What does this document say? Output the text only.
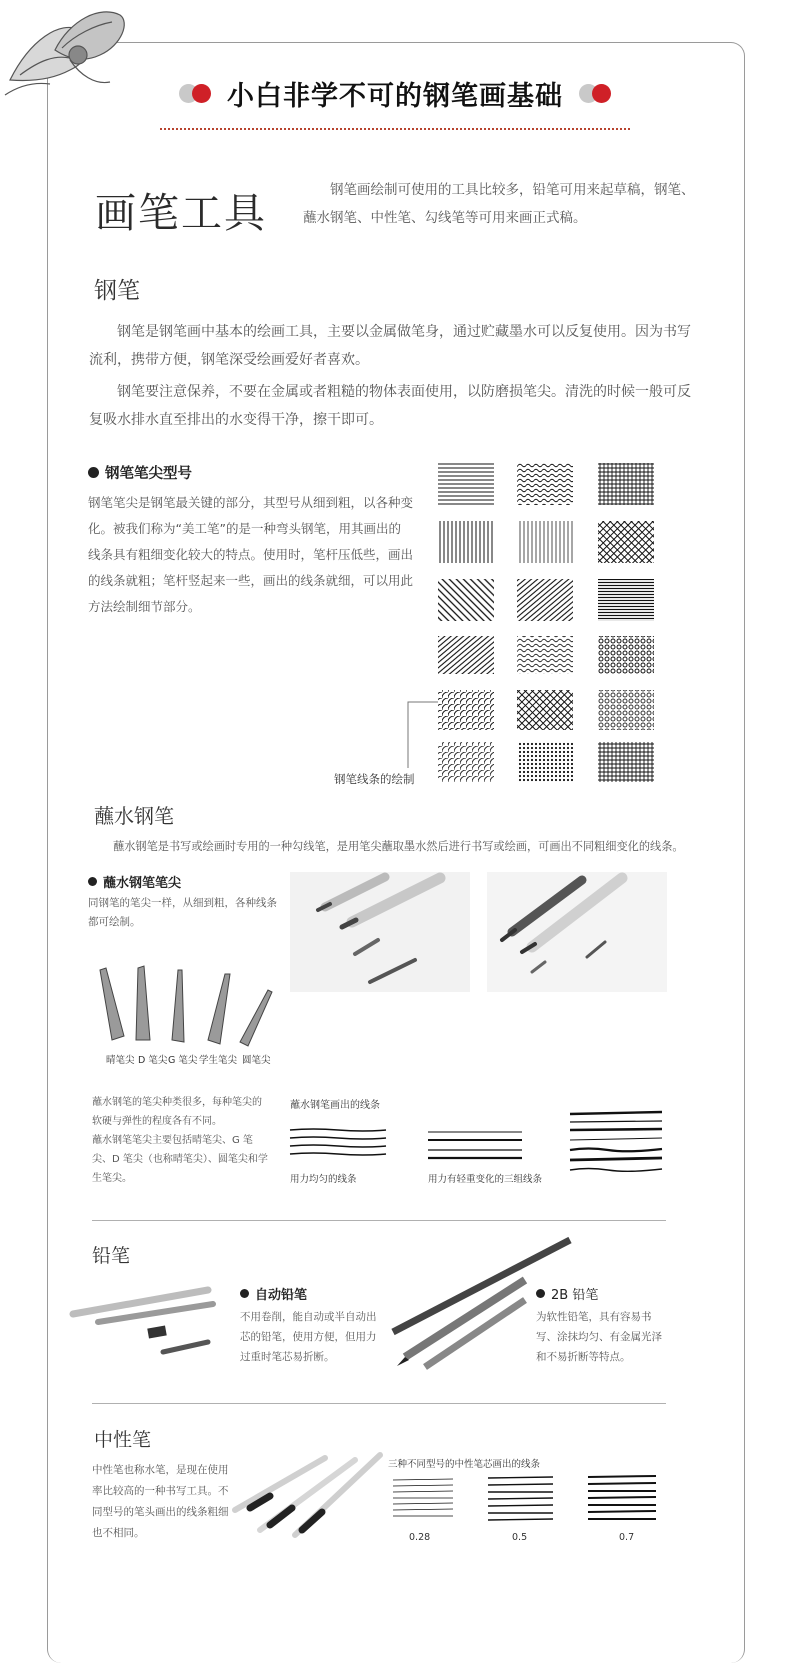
小白非学不可的钢笔画基础
画笔工具	钢笔画绘制可使用的工具比较多，铅笔可用来起草稿，钢笔、蘸水钢笔、中性笔、勾线笔等可用来画正式稿。
钢笔
钢笔是钢笔画中基本的绘画工具，主要以金属做笔身，通过贮藏墨水可以反复使用。因为书写流利，携带方便，钢笔深受绘画爱好者喜欢。
钢笔要注意保养，不要在金属或者粗糙的物体表面使用，以防磨损笔尖。清洗的时候一般可反复吸水排水直至排出的水变得干净，擦干即可。
钢笔笔尖型号
钢笔笔尖是钢笔最关键的部分，其型号从细到粗，以各种变化。被我们称为“美工笔”的是一种弯头钢笔，用其画出的线条具有粗细变化较大的特点。使用时，笔杆压低些，画出的线条就粗；笔杆竖起来一些，画出的线条就细，可以用此方法绘制细节部分。
钢笔线条的绘制
蘸水钢笔
蘸水钢笔是书写或绘画时专用的一种勾线笔，是用笔尖蘸取墨水然后进行书写或绘画，可画出不同粗细变化的线条。
蘸水钢笔笔尖
同钢笔的笔尖一样，从细到粗，各种线条都可绘制。
晴笔尖 D 笔尖 G 笔尖 学生笔尖 圆笔尖
蘸水钢笔的笔尖种类很多，每种笔尖的软硬与弹性的程度各有不同。
蘸水钢笔笔尖主要包括晴笔尖、G 笔尖、D 笔尖（也称晴笔尖）、圆笔尖和学生笔尖。
蘸水钢笔画出的线条
用力均匀的线条	用力有轻重变化的三组线条
铅笔
自动铅笔
不用卷削，能自动或半自动出芯的铅笔，使用方便，但用力过重时笔芯易折断。
2B 铅笔
为软性铅笔，具有容易书写、涂抹均匀、有金属光泽和不易折断等特点。
中性笔
中性笔也称水笔，是现在使用率比较高的一种书写工具。不同型号的笔头画出的线条粗细也不相同。
三种不同型号的中性笔芯画出的线条
0.28	0.5	0.7
